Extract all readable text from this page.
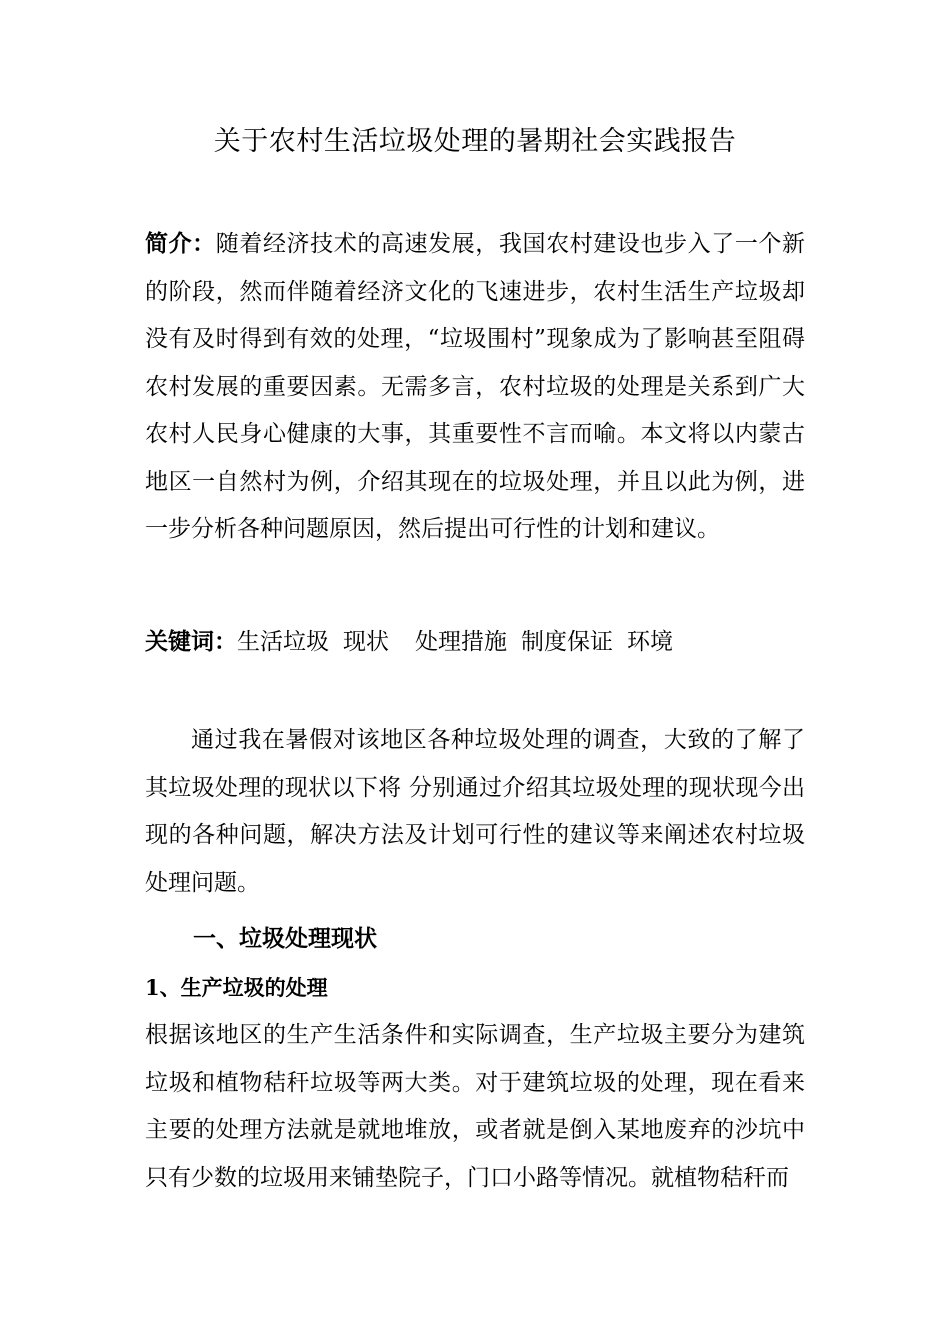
关于农村生活垃圾处理的暑期社会实践报告
简介：随着经济技术的高速发展，我国农村建设也步入了一个新的阶段，然而伴随着经济文化的飞速进步，农村生活生产垃圾却没有及时得到有效的处理，“垃圾围村”现象成为了影响甚至阻碍农村发展的重要因素。无需多言，农村垃圾的处理是关系到广大农村人民身心健康的大事，其重要性不言而喻。本文将以内蒙古地区一自然村为例，介绍其现在的垃圾处理，并且以此为例，进一步分析各种问题原因，然后提出可行性的计划和建议。
关键词：生活垃圾 现状 处理措施 制度保证 环境
通过我在暑假对该地区各种垃圾处理的调查，大致的了解了其垃圾处理的现状以下将 分别通过介绍其垃圾处理的现状现今出现的各种问题，解决方法及计划可行性的建议等来阐述农村垃圾处理问题。
一、垃圾处理现状
1、生产垃圾的处理
根据该地区的生产生活条件和实际调查，生产垃圾主要分为建筑垃圾和植物秸秆垃圾等两大类。对于建筑垃圾的处理，现在看来主要的处理方法就是就地堆放，或者就是倒入某地废弃的沙坑中只有少数的垃圾用来铺垫院子，门口小路等情况。就植物秸秆而
